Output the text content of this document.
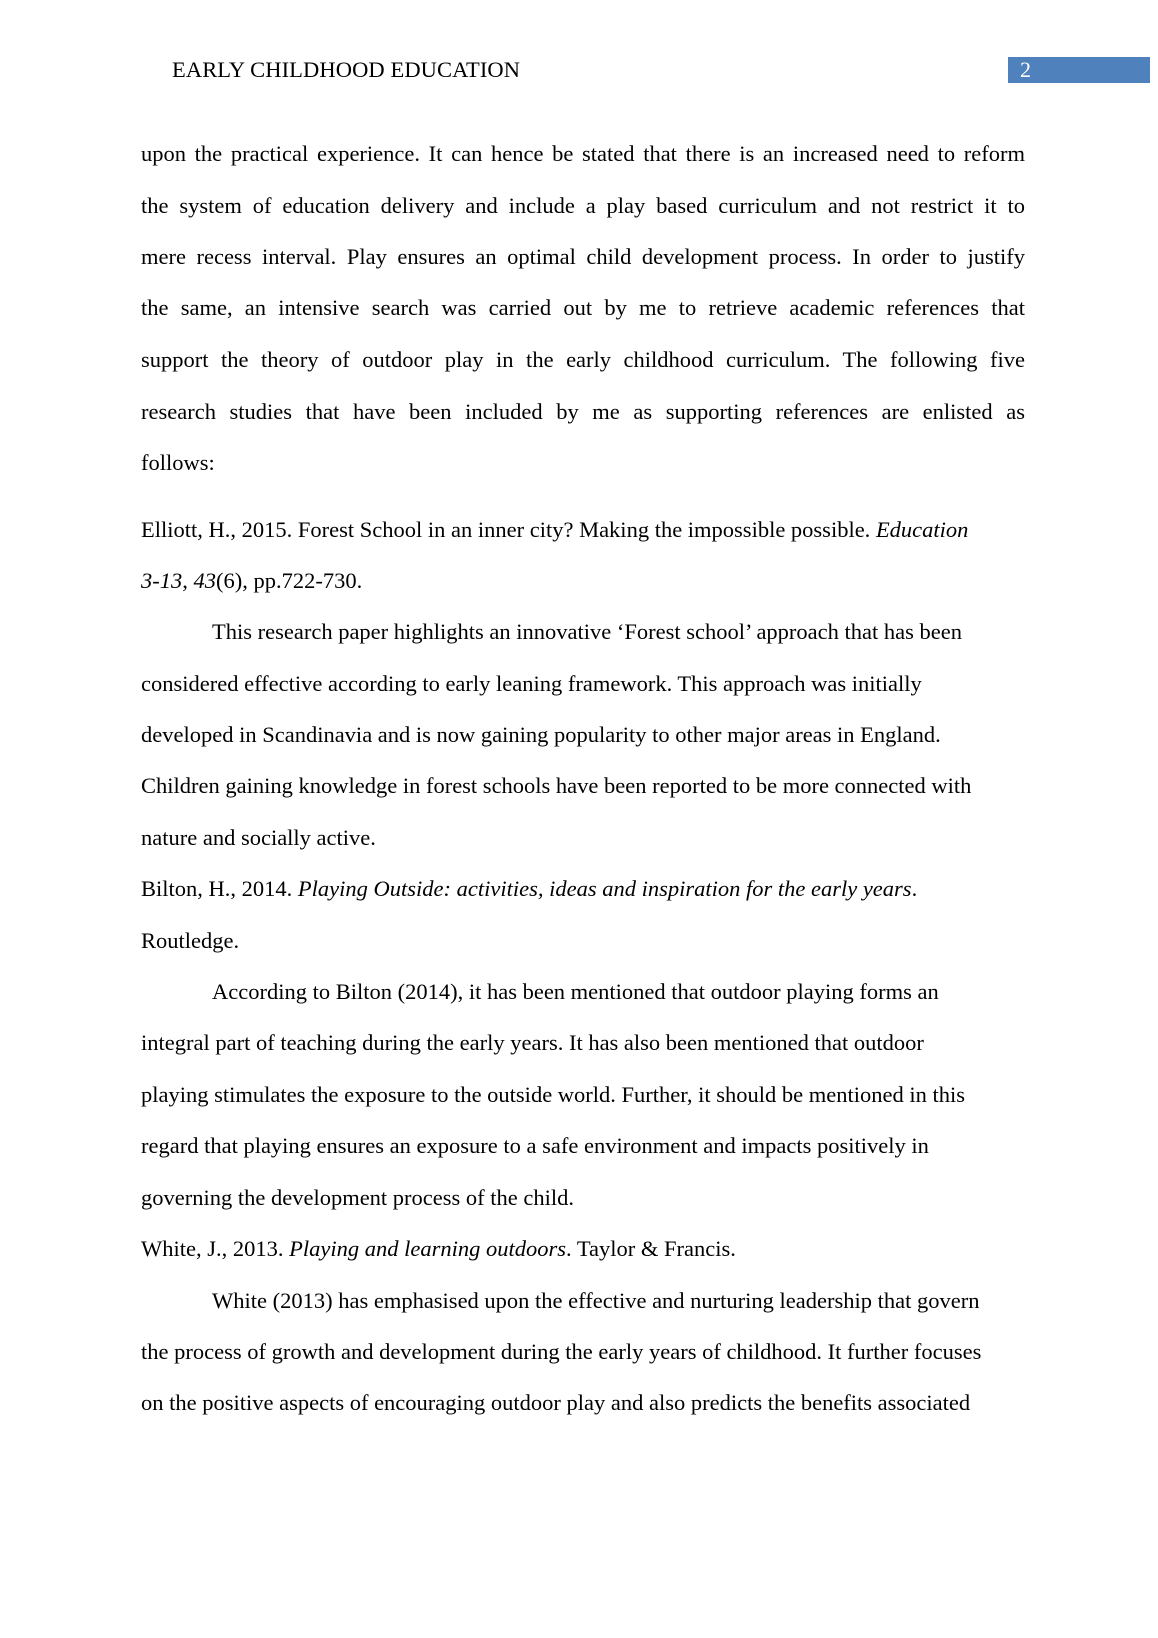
EARLY CHILDHOOD EDUCATION	2
upon the practical experience. It can hence be stated that there is an increased need to reform
the system of education delivery and include a play based curriculum and not restrict it to
mere recess interval. Play ensures an optimal child development process. In order to justify
the same, an intensive search was carried out by me to retrieve academic references that
support the theory of outdoor play in the early childhood curriculum. The following five
research studies that have been included by me as supporting references are enlisted as
follows:
Elliott, H., 2015. Forest School in an inner city? Making the impossible possible. Education
3-13, 43(6), pp.722-730.
This research paper highlights an innovative ‘Forest school’ approach that has been
considered effective according to early leaning framework. This approach was initially
developed in Scandinavia and is now gaining popularity to other major areas in England.
Children gaining knowledge in forest schools have been reported to be more connected with
nature and socially active.
Bilton, H., 2014. Playing Outside: activities, ideas and inspiration for the early years.
Routledge.
According to Bilton (2014), it has been mentioned that outdoor playing forms an
integral part of teaching during the early years. It has also been mentioned that outdoor
playing stimulates the exposure to the outside world. Further, it should be mentioned in this
regard that playing ensures an exposure to a safe environment and impacts positively in
governing the development process of the child.
White, J., 2013. Playing and learning outdoors. Taylor & Francis.
White (2013) has emphasised upon the effective and nurturing leadership that govern
the process of growth and development during the early years of childhood. It further focuses
on the positive aspects of encouraging outdoor play and also predicts the benefits associated
